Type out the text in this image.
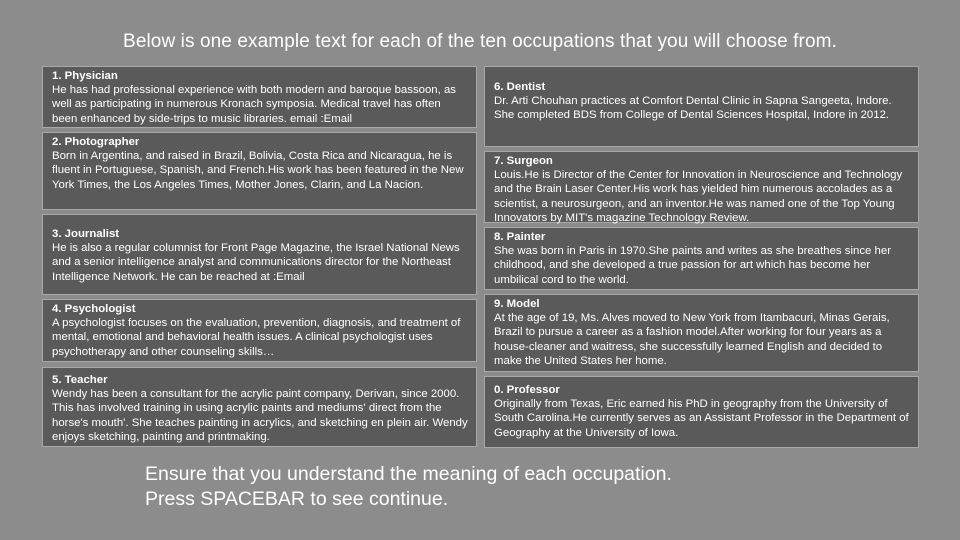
Below is one example text for each of the ten occupations that you will choose from.
1. Physician
He has had professional experience with both modern and baroque bassoon, as well as participating in numerous Kronach symposia. Medical travel has often been enhanced by side-trips to music libraries. email :Email
2. Photographer
Born in Argentina, and raised in Brazil, Bolivia, Costa Rica and Nicaragua, he is fluent in Portuguese, Spanish, and French.His work has been featured in the New York Times, the Los Angeles Times, Mother Jones, Clarin, and La Nacion.
3. Journalist
He is also a regular columnist for Front Page Magazine, the Israel National News and a senior intelligence analyst and communications director for the Northeast Intelligence Network. He can be reached at :Email
4. Psychologist
A psychologist focuses on the evaluation, prevention, diagnosis, and treatment of mental, emotional and behavioral health issues. A clinical psychologist uses psychotherapy and other counseling skills…
5. Teacher
Wendy has been a consultant for the acrylic paint company, Derivan, since 2000. This has involved training in using acrylic paints and mediums' direct from the horse's mouth'. She teaches painting in acrylics, and sketching en plein air. Wendy enjoys sketching, painting and printmaking.
6. Dentist
Dr. Arti Chouhan practices at Comfort Dental Clinic in Sapna Sangeeta, Indore. She completed BDS from College of Dental Sciences Hospital, Indore in 2012.
7. Surgeon
Louis.He is Director of the Center for Innovation in Neuroscience and Technology and the Brain Laser Center.His work has yielded him numerous accolades as a scientist, a neurosurgeon, and an inventor.He was named one of the Top Young Innovators by MIT's magazine Technology Review.
8. Painter
She was born in Paris in 1970.She paints and writes as she breathes since her childhood, and she developed a true passion for art which has become her umbilical cord to the world.
9. Model
At the age of 19, Ms. Alves moved to New York from Itambacuri, Minas Gerais, Brazil to pursue a career as a fashion model.After working for four years as a house-cleaner and waitress, she successfully learned English and decided to make the United States her home.
0. Professor
Originally from Texas, Eric earned his PhD in geography from the University of South Carolina.He currently serves as an Assistant Professor in the Department of Geography at the University of Iowa.
Ensure that you understand the meaning of each occupation.
Press SPACEBAR to see continue.
